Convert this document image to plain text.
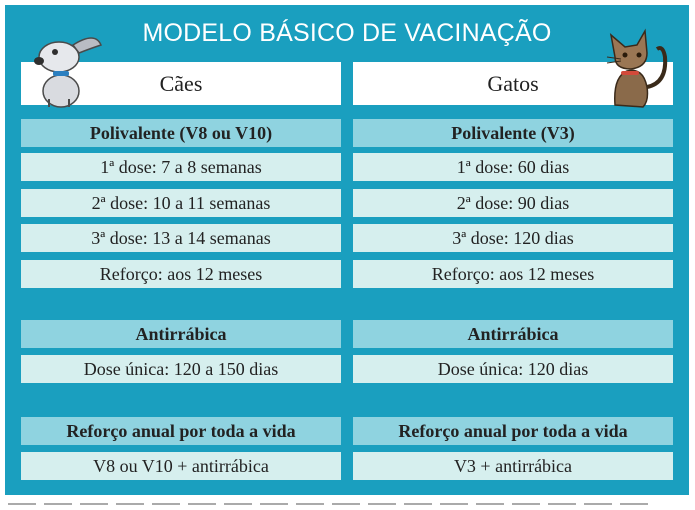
MODELO BÁSICO DE VACINAÇÃO
Cães
Polivalente (V8 ou V10)
1ª dose: 7 a 8 semanas
2ª dose: 10 a 11 semanas
3ª dose: 13 a 14 semanas
Reforço: aos 12 meses
Antirrábica
Dose única: 120 a 150 dias
Reforço anual por toda a vida
V8 ou V10 + antirrábica
Gatos
Polivalente (V3)
1ª dose: 60 dias
2ª dose: 90 dias
3ª dose: 120 dias
Reforço: aos 12 meses
Antirrábica
Dose única: 120 dias
Reforço anual por toda a vida
V3 + antirrábica
